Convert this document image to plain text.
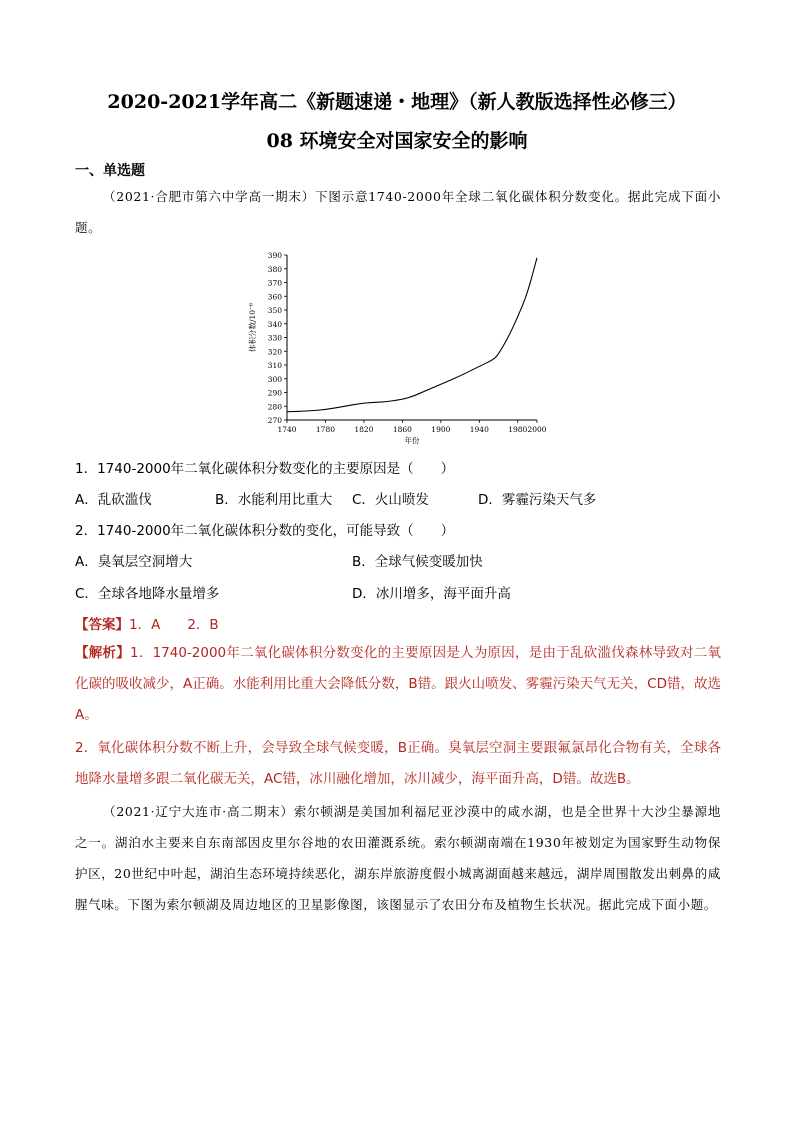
2020-2021学年高二《新题速递・地理》（新人教版选择性必修三）
08 环境安全对国家安全的影响
一、单选题
（2021·合肥市第六中学高一期末）下图示意1740-2000年全球二氧化碳体积分数变化。据此完成下面小题。
270
280
290
300
310
320
330
340
350
360
370
380
390
1740	1780	1820	1860	1900	1940	1980 2000
年份
体积分数/10⁻⁶
1．1740-2000年二氧化碳体积分数变化的主要原因是（　　）
A．乱砍滥伐	B．水能利用比重大 C．火山喷发	D．雾霾污染天气多
2．1740-2000年二氧化碳体积分数的变化，可能导致（　　）
A．臭氧层空洞增大	B．全球气候变暖加快
C．全球各地降水量增多	D．冰川增多，海平面升高
【答案】1．A　　2．B
【解析】1．1740-2000年二氧化碳体积分数变化的主要原因是人为原因，是由于乱砍滥伐森林导致对二氧化碳的吸收减少，A正确。水能利用比重大会降低分数，B错。跟火山喷发、雾霾污染天气无关，CD错，故选A。
2．氧化碳体积分数不断上升，会导致全球气候变暖，B正确。臭氧层空洞主要跟氟氯昂化合物有关，全球各地降水量增多跟二氧化碳无关，AC错，冰川融化增加，冰川减少，海平面升高，D错。故选B。
（2021·辽宁大连市·高二期末）索尔顿湖是美国加利福尼亚沙漠中的咸水湖，也是全世界十大沙尘暴源地之一。湖泊水主要来自东南部因皮里尔谷地的农田灌溉系统。索尔顿湖南端在1930年被划定为国家野生动物保护区，20世纪中叶起，湖泊生态环境持续恶化，湖东岸旅游度假小城离湖面越来越远，湖岸周围散发出刺鼻的咸腥气味。下图为索尔顿湖及周边地区的卫星影像图，该图显示了农田分布及植物生长状况。据此完成下面小题。
